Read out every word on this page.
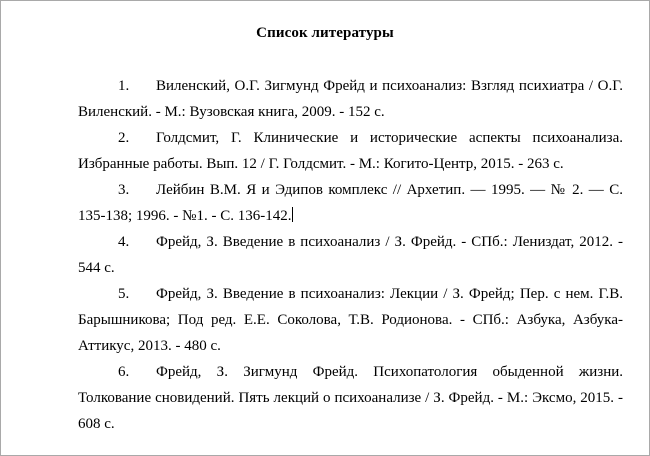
Список литературы

1. Виленский, О.Г. Зигмунд Фрейд и психоанализ: Взгляд психиатра / О.Г. Виленский. - М.: Вузовская книга, 2009. - 152 с.

2. Голдсмит, Г. Клинические и исторические аспекты психоанализа. Избранные работы. Вып. 12 / Г. Голдсмит. - М.: Когито-Центр, 2015. - 263 с.

3. Лейбин В.М. Я и Эдипов комплекс // Архетип. — 1995. — № 2. — С. 135-138; 1996. - №1. - С. 136-142.

4. Фрейд, З. Введение в психоанализ / З. Фрейд. - СПб.: Лениздат, 2012. - 544 с.

5. Фрейд, З. Введение в психоанализ: Лекции / З. Фрейд; Пер. с нем. Г.В. Барышникова; Под ред. Е.Е. Соколова, Т.В. Родионова. - СПб.: Азбука, Азбука-Аттикус, 2013. - 480 с.

6. Фрейд, З. Зигмунд Фрейд. Психопатология обыденной жизни. Толкование сновидений. Пять лекций о психоанализе / З. Фрейд. - М.: Эксмо, 2015. - 608 с.
